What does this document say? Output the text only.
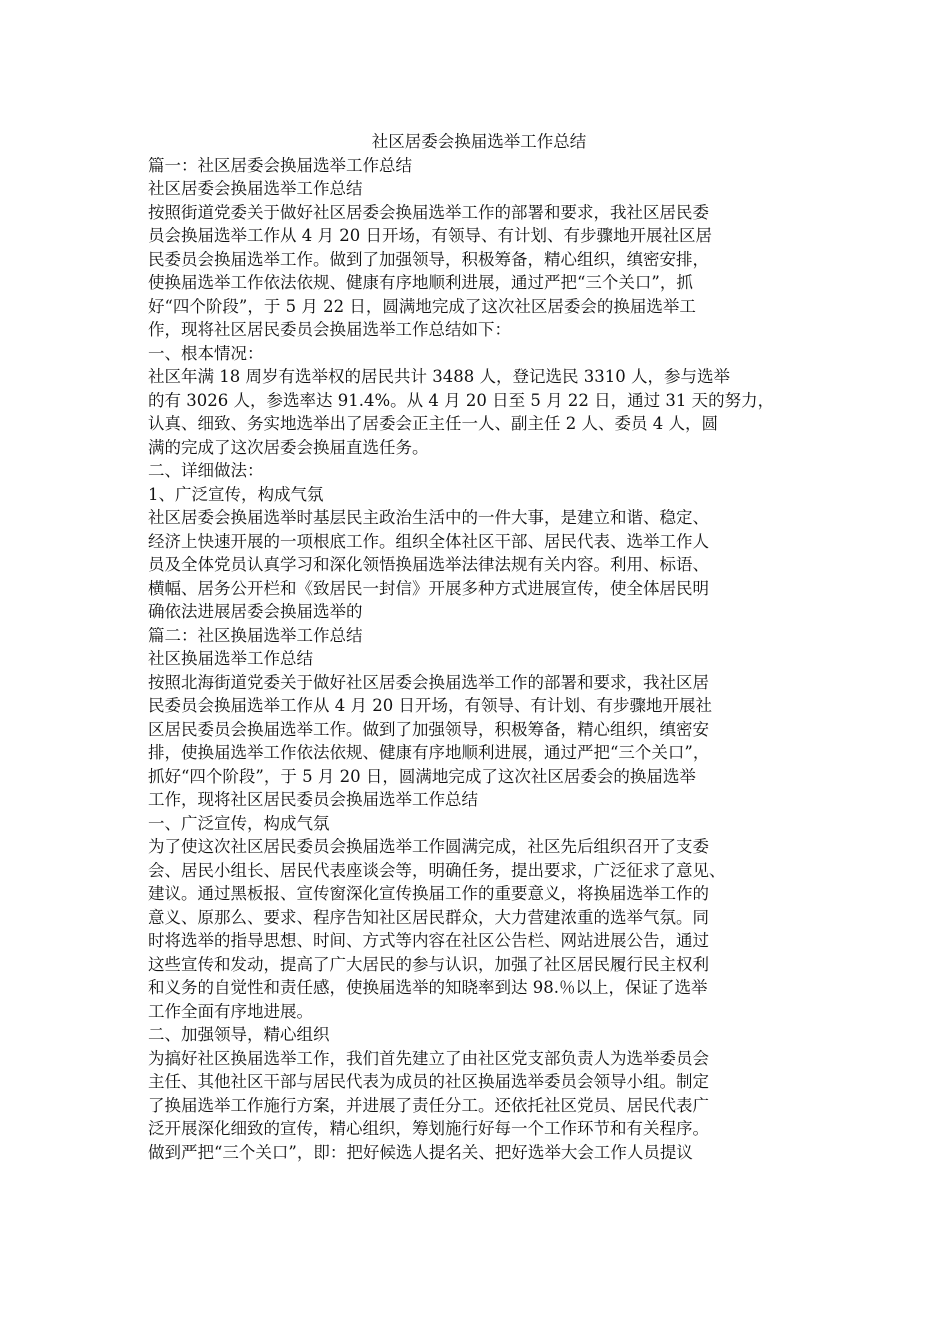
社区居委会换届选举工作总结

篇一：社区居委会换届选举工作总结

社区居委会换届选举工作总结

按照街道党委关于做好社区居委会换届选举工作的部署和要求，我社区居民委

员会换届选举工作从 4 月 20 日开场，有领导、有计划、有步骤地开展社区居

民委员会换届选举工作。做到了加强领导，积极筹备，精心组织，缜密安排，

使换届选举工作依法依规、健康有序地顺利进展，通过严把“三个关口”，抓

好“四个阶段”，于 5 月 22 日，圆满地完成了这次社区居委会的换届选举工

作，现将社区居民委员会换届选举工作总结如下：

一、根本情况：

社区年满 18 周岁有选举权的居民共计 3488 人，登记选民 3310 人，参与选举

的有 3026 人，参选率达 91.4%。从 4 月 20 日至 5 月 22 日，通过 31 天的努力，

认真、细致、务实地选举出了居委会正主任一人、副主任 2 人、委员 4 人，圆

满的完成了这次居委会换届直选任务。

二、详细做法：

1、广泛宣传，构成气氛

社区居委会换届选举时基层民主政治生活中的一件大事，是建立和谐、稳定、

经济上快速开展的一项根底工作。组织全体社区干部、居民代表、选举工作人

员及全体党员认真学习和深化领悟换届选举法律法规有关内容。利用、标语、

横幅、居务公开栏和《致居民一封信》开展多种方式进展宣传，使全体居民明

确依法进展居委会换届选举的

篇二：社区换届选举工作总结

社区换届选举工作总结

按照北海街道党委关于做好社区居委会换届选举工作的部署和要求，我社区居

民委员会换届选举工作从 4 月 20 日开场，有领导、有计划、有步骤地开展社

区居民委员会换届选举工作。做到了加强领导，积极筹备，精心组织，缜密安

排，使换届选举工作依法依规、健康有序地顺利进展，通过严把“三个关口”，

抓好“四个阶段”，于 5 月 20 日，圆满地完成了这次社区居委会的换届选举

工作，现将社区居民委员会换届选举工作总结

一、广泛宣传，构成气氛

为了使这次社区居民委员会换届选举工作圆满完成，社区先后组织召开了支委

会、居民小组长、居民代表座谈会等，明确任务，提出要求，广泛征求了意见、

建议。通过黑板报、宣传窗深化宣传换届工作的重要意义，将换届选举工作的

意义、原那么、要求、程序告知社区居民群众，大力营建浓重的选举气氛。同

时将选举的指导思想、时间、方式等内容在社区公告栏、网站进展公告，通过

这些宣传和发动，提高了广大居民的参与认识，加强了社区居民履行民主权利

和义务的自觉性和责任感，使换届选举的知晓率到达 98.％以上，保证了选举

工作全面有序地进展。

二、加强领导，精心组织

为搞好社区换届选举工作，我们首先建立了由社区党支部负责人为选举委员会

主任、其他社区干部与居民代表为成员的社区换届选举委员会领导小组。制定

了换届选举工作施行方案，并进展了责任分工。还依托社区党员、居民代表广

泛开展深化细致的宣传，精心组织，筹划施行好每一个工作环节和有关程序。

做到严把“三个关口”，即：把好候选人提名关、把好选举大会工作人员提议
